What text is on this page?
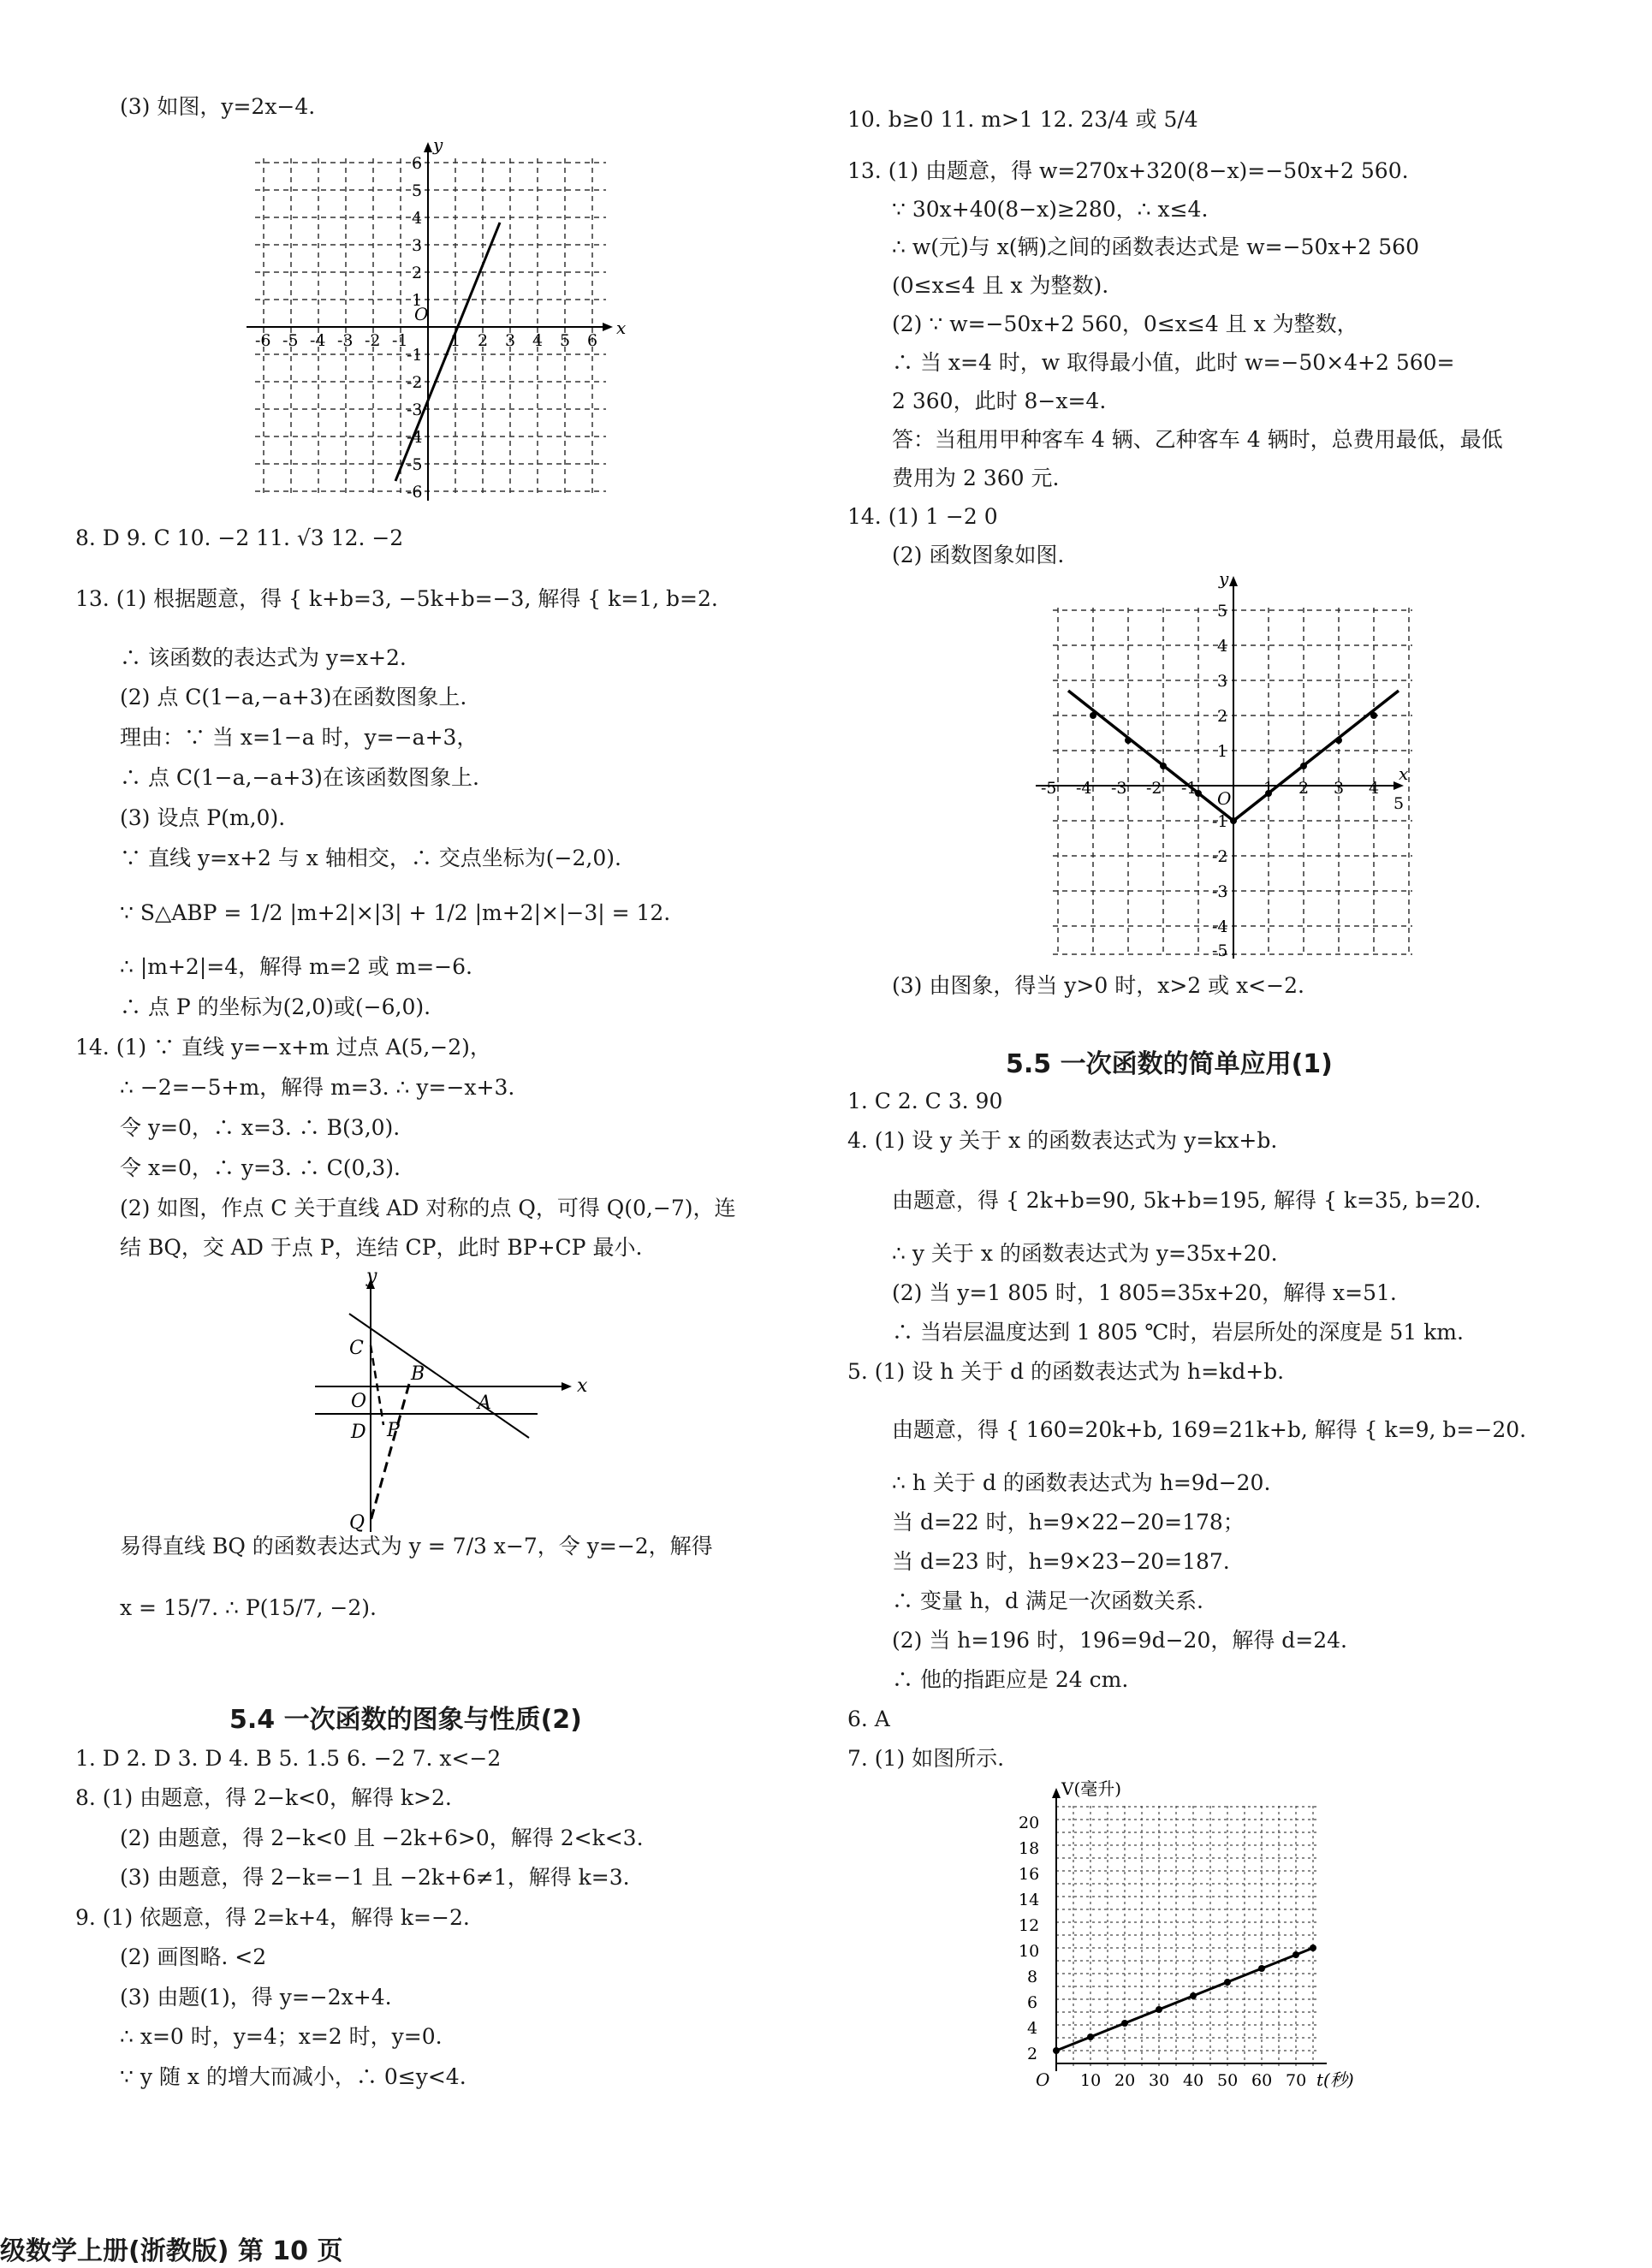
(3) 如图，y=2x−4.
x
y
O
-6 -5 -4 -3 -2 -1	1 2 3 4 5 6
6
5
4
3
2
1
-1
-2
-3
-4
-5
-6
8. D 9. C 10. −2 11. √3 12. −2
13. (1) 根据题意，得 { k+b=3, −5k+b=−3, 解得 { k=1, b=2.
∴ 该函数的表达式为 y=x+2.
(2) 点 C(1−a,−a+3)在函数图象上.
理由：∵ 当 x=1−a 时，y=−a+3，
∴ 点 C(1−a,−a+3)在该函数图象上.
(3) 设点 P(m,0).
∵ 直线 y=x+2 与 x 轴相交，∴ 交点坐标为(−2,0).
∵ S△ABP = 1/2 |m+2|×|3| + 1/2 |m+2|×|−3| = 12.
∴ |m+2|=4，解得 m=2 或 m=−6.
∴ 点 P 的坐标为(2,0)或(−6,0).
14. (1) ∵ 直线 y=−x+m 过点 A(5,−2)，
∴ −2=−5+m，解得 m=3. ∴ y=−x+3.
令 y=0，∴ x=3. ∴ B(3,0).
令 x=0，∴ y=3. ∴ C(0,3).
(2) 如图，作点 C 关于直线 AD 对称的点 Q，可得 Q(0,−7)，连
结 BQ，交 AD 于点 P，连结 CP，此时 BP+CP 最小.
y
x
O
C
B
A
D P
Q
易得直线 BQ 的函数表达式为 y = 7/3 x−7，令 y=−2，解得
x = 15/7. ∴ P(15/7, −2).
5.4 一次函数的图象与性质(2)
1. D 2. D 3. D 4. B 5. 1.5 6. −2 7. x<−2
8. (1) 由题意，得 2−k<0，解得 k>2.
(2) 由题意，得 2−k<0 且 −2k+6>0，解得 2<k<3.
(3) 由题意，得 2−k=−1 且 −2k+6≠1，解得 k=3.
9. (1) 依题意，得 2=k+4，解得 k=−2.
(2) 画图略. <2
(3) 由题(1)，得 y=−2x+4.
∴ x=0 时，y=4；x=2 时，y=0.
∵ y 随 x 的增大而减小，∴ 0≤y<4.
级数学上册(浙教版) 第 10 页
10. b≥0 11. m>1 12. 23/4 或 5/4
13. (1) 由题意，得 w=270x+320(8−x)=−50x+2 560.
∵ 30x+40(8−x)≥280，∴ x≤4.
∴ w(元)与 x(辆)之间的函数表达式是 w=−50x+2 560
(0≤x≤4 且 x 为整数).
(2) ∵ w=−50x+2 560，0≤x≤4 且 x 为整数，
∴ 当 x=4 时，w 取得最小值，此时 w=−50×4+2 560=
2 360，此时 8−x=4.
答：当租用甲种客车 4 辆、乙种客车 4 辆时，总费用最低，最低
费用为 2 360 元.
14. (1) 1 −2 0
(2) 函数图象如图.
y
x
O
-5 -4 -3 -2 -1	1 2 3 4
5
5
4
3
2
1
-1
-2
-3
-4
-5
(3) 由图象，得当 y>0 时，x>2 或 x<−2.
5.5 一次函数的简单应用(1)
1. C 2. C 3. 90
4. (1) 设 y 关于 x 的函数表达式为 y=kx+b.
由题意，得 { 2k+b=90, 5k+b=195, 解得 { k=35, b=20.
∴ y 关于 x 的函数表达式为 y=35x+20.
(2) 当 y=1 805 时，1 805=35x+20，解得 x=51.
∴ 当岩层温度达到 1 805 ℃时，岩层所处的深度是 51 km.
5. (1) 设 h 关于 d 的函数表达式为 h=kd+b.
由题意，得 { 160=20k+b, 169=21k+b, 解得 { k=9, b=−20.
∴ h 关于 d 的函数表达式为 h=9d−20.
当 d=22 时，h=9×22−20=178；
当 d=23 时，h=9×23−20=187.
∴ 变量 h，d 满足一次函数关系.
(2) 当 h=196 时，196=9d−20，解得 d=24.
∴ 他的指距应是 24 cm.
6. A
7. (1) 如图所示.
V(毫升)
O
2
4
6
8
10
12
14
16
18
20
10 20 30 40 50 60 70 t(秒)
